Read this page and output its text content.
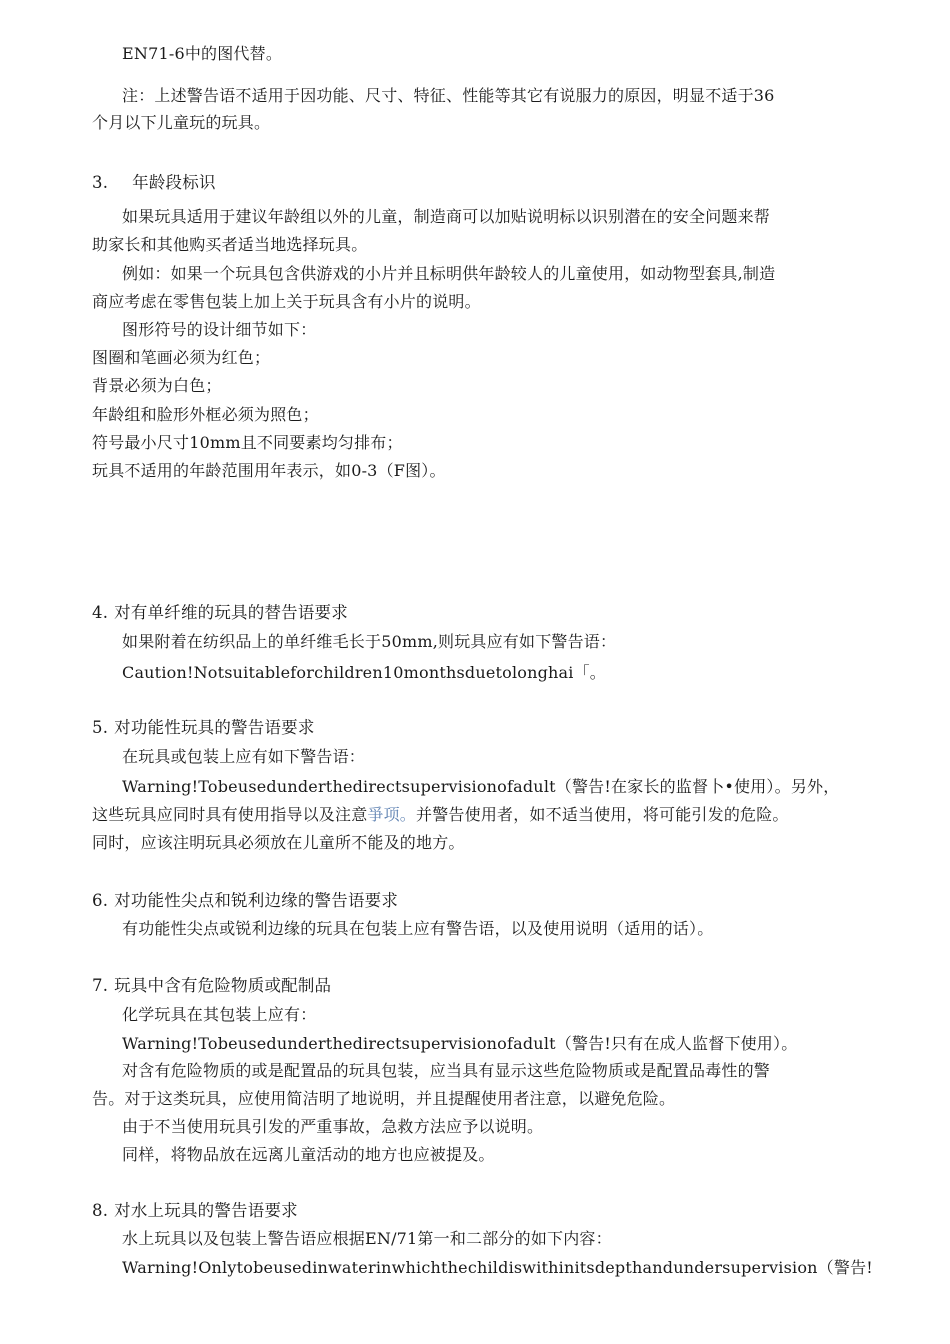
EN71-6中的图代替。
注：上述警告语不适用于因功能、尺寸、特征、性能等其它有说服力的原因，明显不适于36
个月以下儿童玩的玩具。
3. 年龄段标识
如果玩具适用于建议年龄组以外的儿童，制造商可以加贴说明标以识别潜在的安全问题来帮
助家长和其他购买者适当地选择玩具。
例如：如果一个玩具包含供游戏的小片并且标明供年龄较人的儿童使用，如动物型套具,制造
商应考虑在零售包装上加上关于玩具含有小片的说明。
图形符号的设计细节如下：
图圈和笔画必须为红色；
背景必须为白色；
年龄组和脸形外框必须为照色；
符号最小尺寸10mm且不同要素均匀排布；
玩具不适用的年龄范围用年表示，如0-3（F图）。
4. 对有单纤维的玩具的替告语要求
如果附着在纺织品上的单纤维毛长于50mm,则玩具应有如下警告语：
Caution!Notsuitableforchildren10monthsduetolonghai「。
5. 对功能性玩具的警告语要求
在玩具或包装上应有如下警告语：
Warning!Tobeusedunderthedirectsupervisionofadult（警告!在家长的监督卜•使用）。另外，
这些玩具应同时具有使用指导以及注意爭项。并警告使用者，如不适当使用，将可能引发的危险。
同时，应该注明玩具必须放在儿童所不能及的地方。
6. 对功能性尖点和锐利边缘的警告语要求
有功能性尖点或锐利边缘的玩具在包装上应有警告语，以及使用说明（适用的话）。
7. 玩具中含有危险物质或配制品
化学玩具在其包装上应有：
Warning!Tobeusedunderthedirectsupervisionofadult（警告!只有在成人监督下使用）。
对含有危险物质的或是配置品的玩具包装，应当具有显示这些危险物质或是配置品毒性的警
告。对于这类玩具，应使用简洁明了地说明，并且提醒使用者注意，以避免危险。
由于不当使用玩具引发的严重事故，急救方法应予以说明。
同样，将物品放在远离儿童活动的地方也应被提及。
8. 对水上玩具的警告语要求
水上玩具以及包装上警告语应根据EN/71第一和二部分的如下内容：
Warning!Onlytobeusedinwaterinwhichthechildiswithinitsdepthandundersupervision（警告!
